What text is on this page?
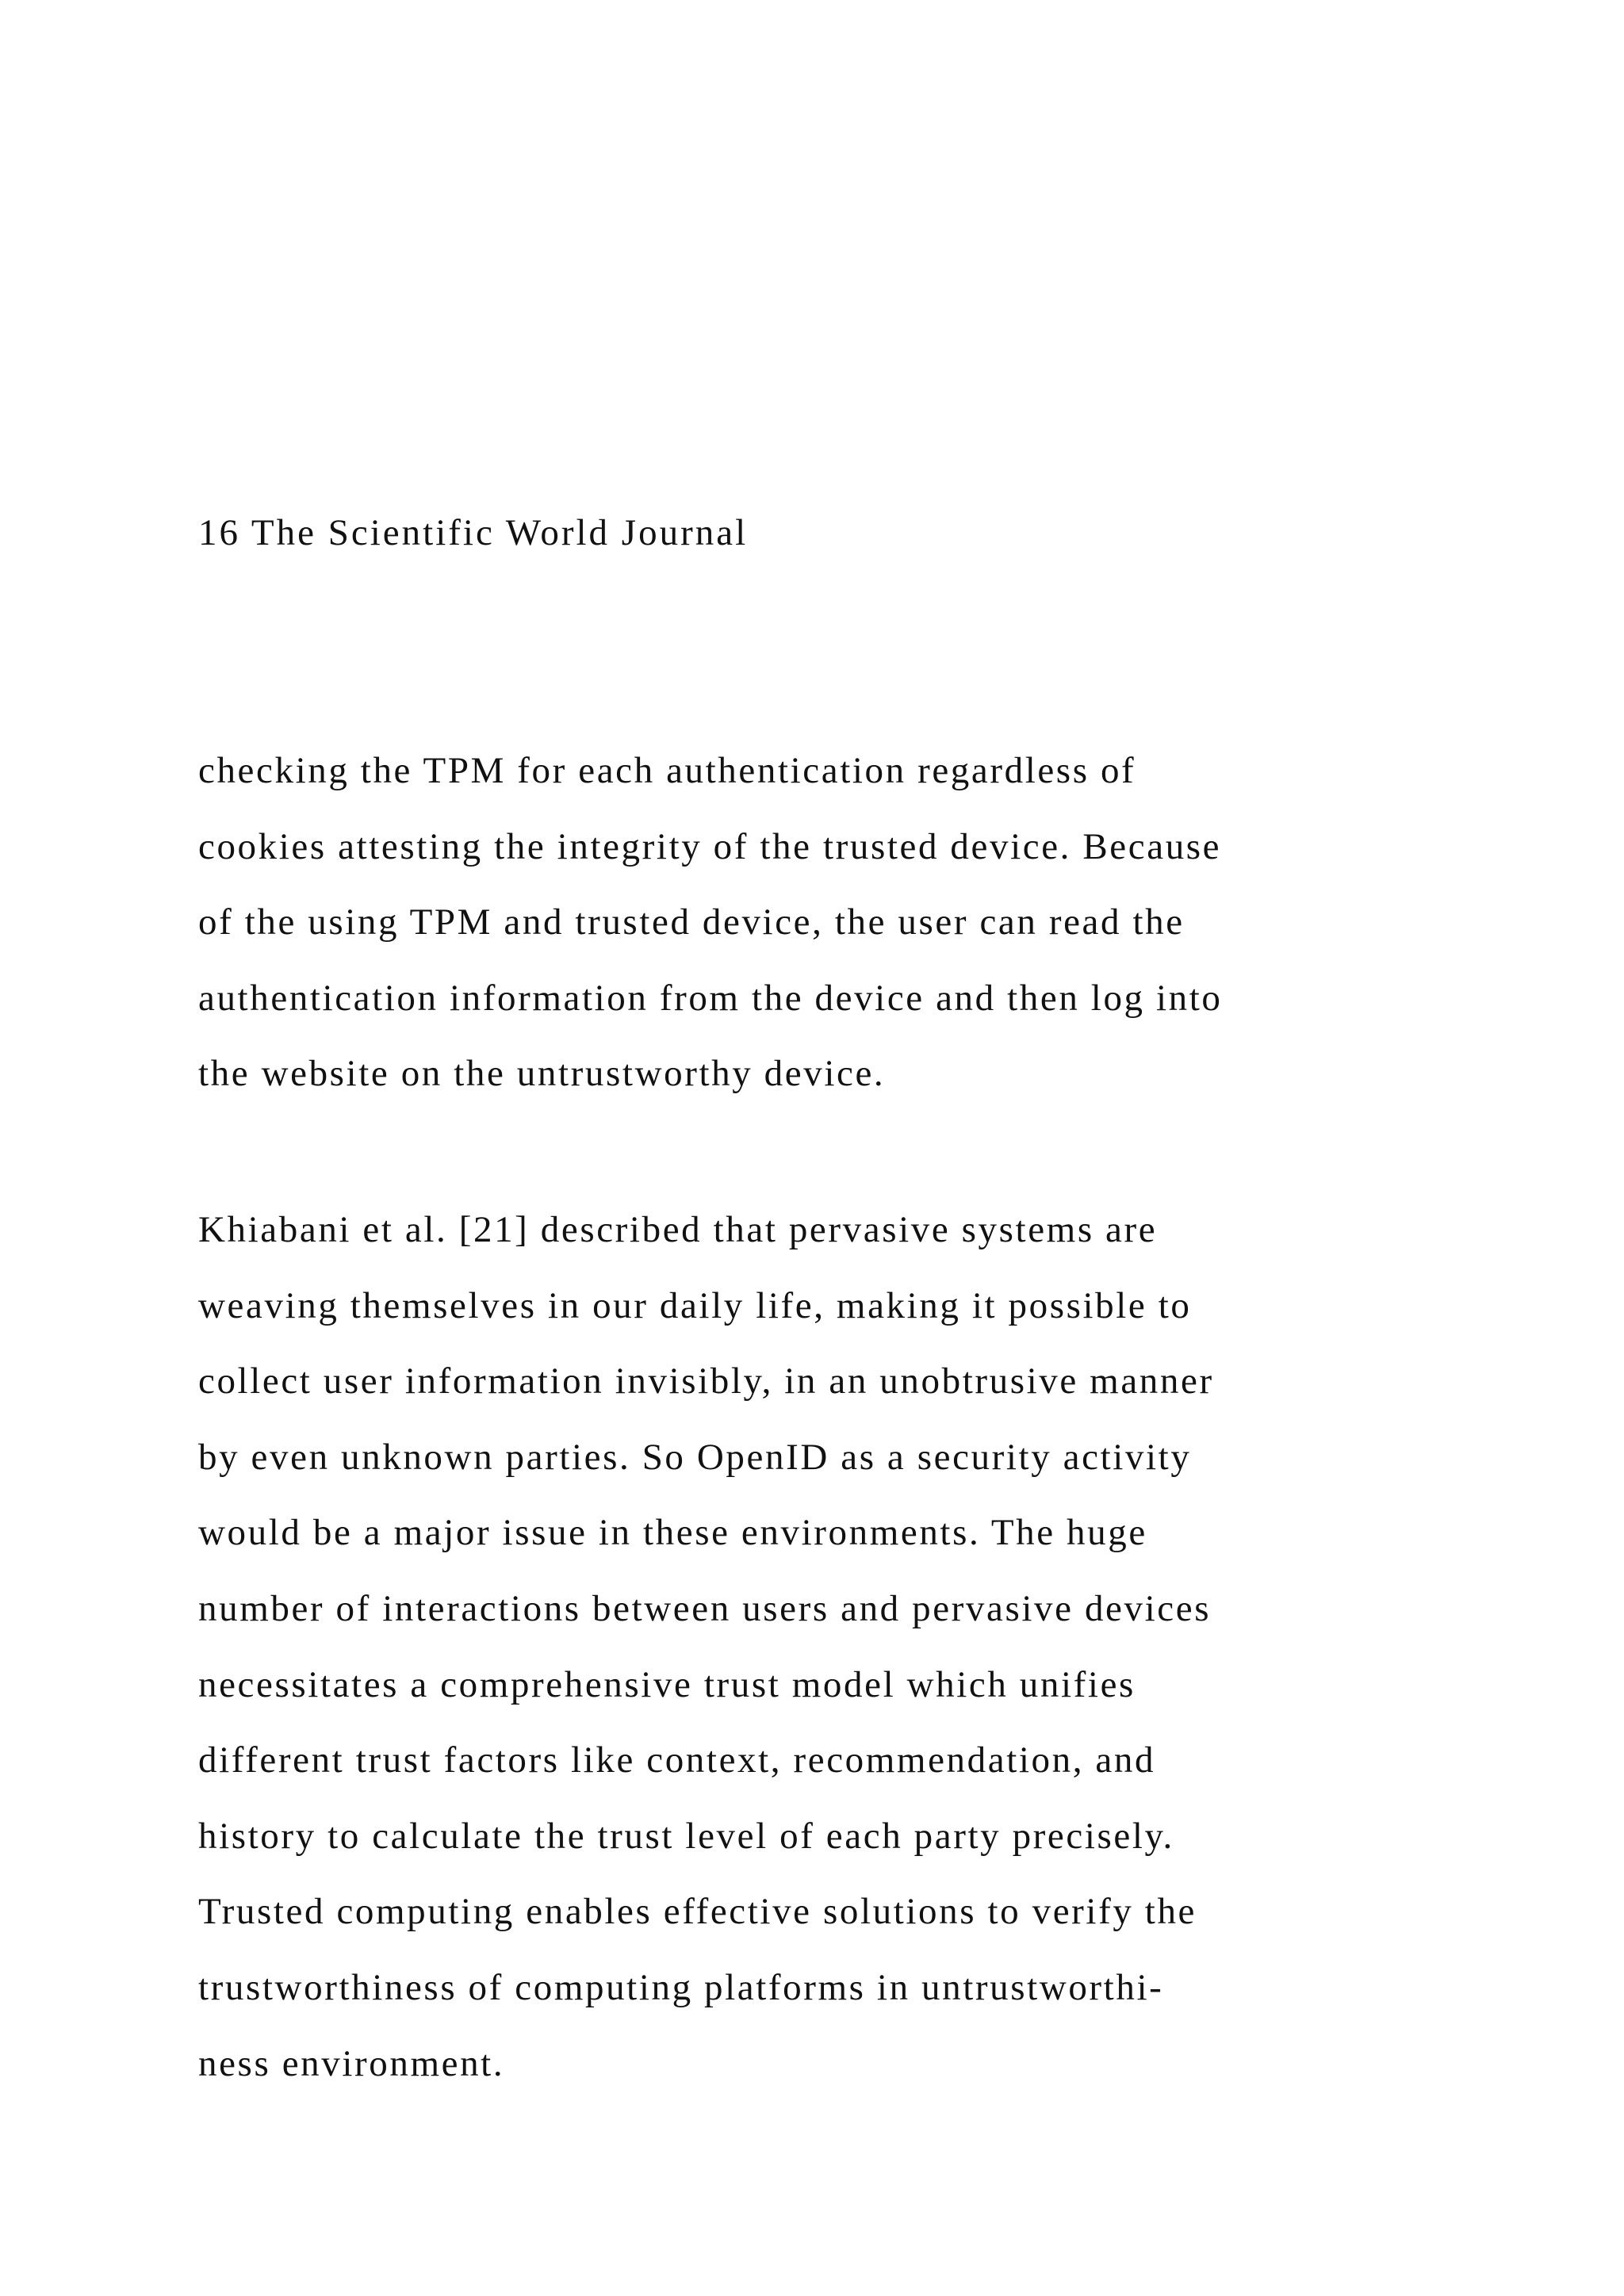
16 The Scientific World Journal

checking the TPM for each authentication regardless of
cookies attesting the integrity of the trusted device. Because
of the using TPM and trusted device, the user can read the
authentication information from the device and then log into
the website on the untrustworthy device.

Khiabani et al. [21] described that pervasive systems are
weaving themselves in our daily life, making it possible to
collect user information invisibly, in an unobtrusive manner
by even unknown parties. So OpenID as a security activity
would be a major issue in these environments. The huge
number of interactions between users and pervasive devices
necessitates a comprehensive trust model which unifies
different trust factors like context, recommendation, and
history to calculate the trust level of each party precisely.
Trusted computing enables effective solutions to verify the
trustworthiness of computing platforms in untrustworthi-
ness environment.
